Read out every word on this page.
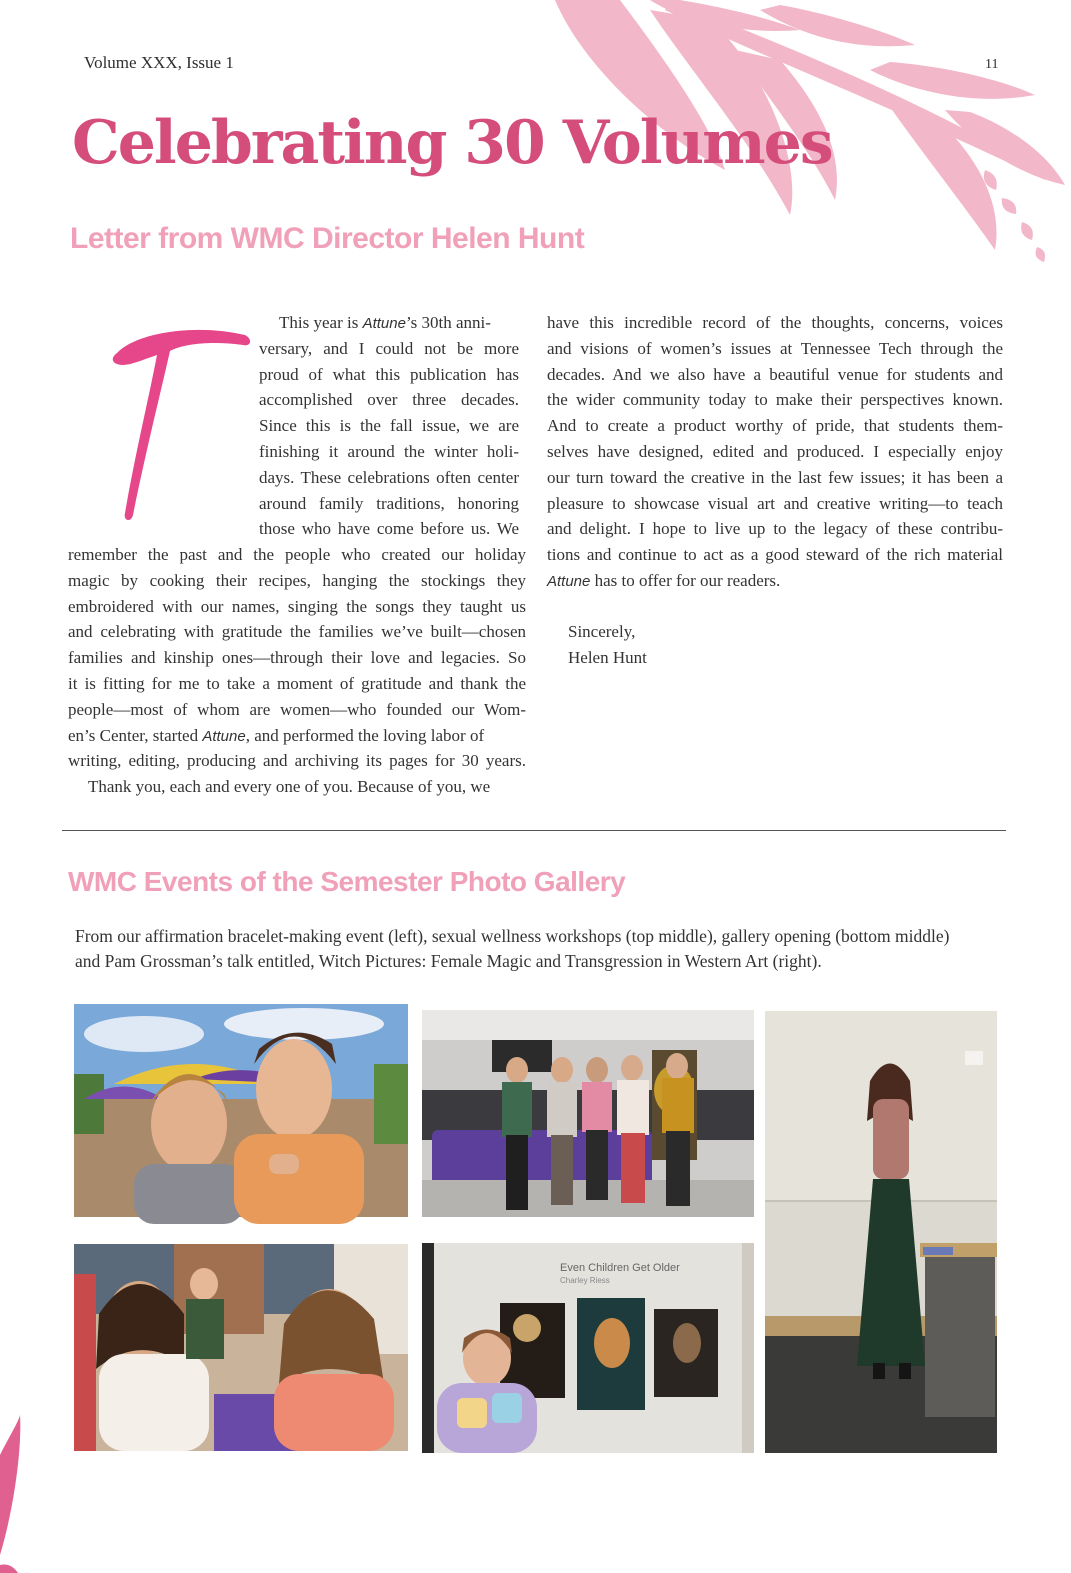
Volume XXX, Issue 1	11
Celebrating 30 Volumes
Letter from WMC Director Helen Hunt
T
This year is Attune’s 30th anni-
versary, and I could not be more
proud of what this publication has
accomplished over three decades.
Since this is the fall issue, we are
finishing it around the winter holi-
days. These celebrations often center
around family traditions, honoring
those who have come before us. We
remember the past and the people who created our holiday
magic by cooking their recipes, hanging the stockings they
embroidered with our names, singing the songs they taught us
and celebrating with gratitude the families we’ve built—chosen
families and kinship ones—through their love and legacies. So
it is fitting for me to take a moment of gratitude and thank the
people—most of whom are women—who founded our Wom-
en’s Center, started Attune, and performed the loving labor of
writing, editing, producing and archiving its pages for 30 years.
Thank you, each and every one of you. Because of you, we
have this incredible record of the thoughts, concerns, voices
and visions of women’s issues at Tennessee Tech through the
decades. And we also have a beautiful venue for students and
the wider community today to make their perspectives known.
And to create a product worthy of pride, that students them-
selves have designed, edited and produced. I especially enjoy
our turn toward the creative in the last few issues; it has been a
pleasure to showcase visual art and creative writing—to teach
and delight. I hope to live up to the legacy of these contribu-
tions and continue to act as a good steward of the rich material
Attune has to offer for our readers.
Sincerely,
Helen Hunt
WMC Events of the Semester Photo Gallery
From our affirmation bracelet-making event (left), sexual wellness workshops (top middle), gallery opening (bottom middle)
and Pam Grossman’s talk entitled, Witch Pictures: Female Magic and Transgression in Western Art (right).
Even Children Get Older
Charley Riess
